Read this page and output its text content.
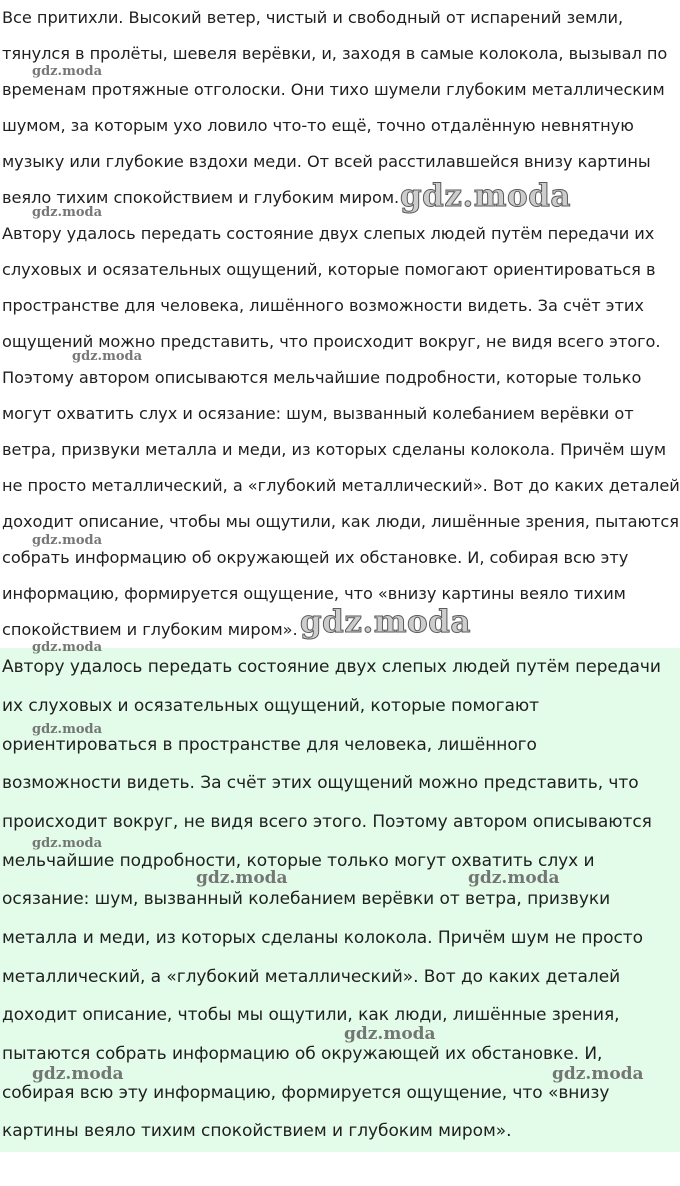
Все притихли. Высокий ветер, чистый и свободный от испарений земли,
тянулся в пролёты, шевеля верёвки, и, заходя в самые колокола, вызывал по
временам протяжные отголоски. Они тихо шумели глубоким металлическим
шумом, за которым ухо ловило что-то ещё, точно отдалённую невнятную
музыку или глубокие вздохи меди. От всей расстилавшейся внизу картины
веяло тихим спокойствием и глубоким миром.
Автору удалось передать состояние двух слепых людей путём передачи их
слуховых и осязательных ощущений, которые помогают ориентироваться в
пространстве для человека, лишённого возможности видеть. За счёт этих
ощущений можно представить, что происходит вокруг, не видя всего этого.
Поэтому автором описываются мельчайшие подробности, которые только
могут охватить слух и осязание: шум, вызванный колебанием верёвки от
ветра, призвуки металла и меди, из которых сделаны колокола. Причём шум
не просто металлический, а «глубокий металлический». Вот до каких деталей
доходит описание, чтобы мы ощутили, как люди, лишённые зрения, пытаются
собрать информацию об окружающей их обстановке. И, собирая всю эту
информацию, формируется ощущение, что «внизу картины веяло тихим
спокойствием и глубоким миром».
Автору удалось передать состояние двух слепых людей путём передачи
их слуховых и осязательных ощущений, которые помогают
ориентироваться в пространстве для человека, лишённого
возможности видеть. За счёт этих ощущений можно представить, что
происходит вокруг, не видя всего этого. Поэтому автором описываются
мельчайшие подробности, которые только могут охватить слух и
осязание: шум, вызванный колебанием верёвки от ветра, призвуки
металла и меди, из которых сделаны колокола. Причём шум не просто
металлический, а «глубокий металлический». Вот до каких деталей
доходит описание, чтобы мы ощутили, как люди, лишённые зрения,
пытаются собрать информацию об окружающей их обстановке. И,
собирая всю эту информацию, формируется ощущение, что «внизу
картины веяло тихим спокойствием и глубоким миром».
gdz.moda
gdz.moda
gdz.moda
gdz.moda
gdz.moda
gdz.moda
gdz.moda
gdz.moda
gdz.moda
gdz.moda	gdz.moda
gdz.moda
gdz.moda	gdz.moda
